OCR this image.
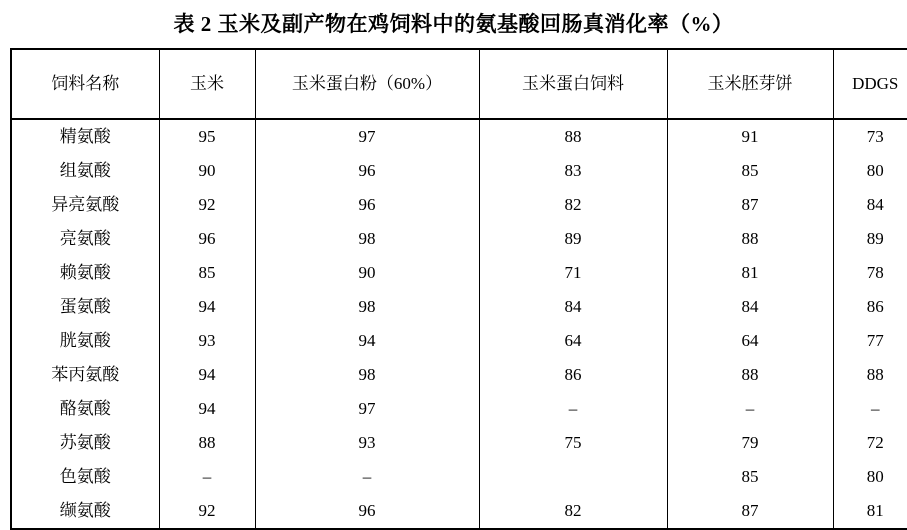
表 2 玉米及副产物在鸡饲料中的氨基酸回肠真消化率（%）
饲料名称	玉米	玉米蛋白粉（60%）	玉米蛋白饲料	玉米胚芽饼	DDGS
精氨酸	95	97	88	91	73
组氨酸	90	96	83	85	80
异亮氨酸	92	96	82	87	84
亮氨酸	96	98	89	88	89
赖氨酸	85	90	71	81	78
蛋氨酸	94	98	84	84	86
胱氨酸	93	94	64	64	77
苯丙氨酸	94	98	86	88	88
酪氨酸	94	97	–	–	–
苏氨酸	88	93	75	79	72
色氨酸	–	–		85	80
缬氨酸	92	96	82	87	81
